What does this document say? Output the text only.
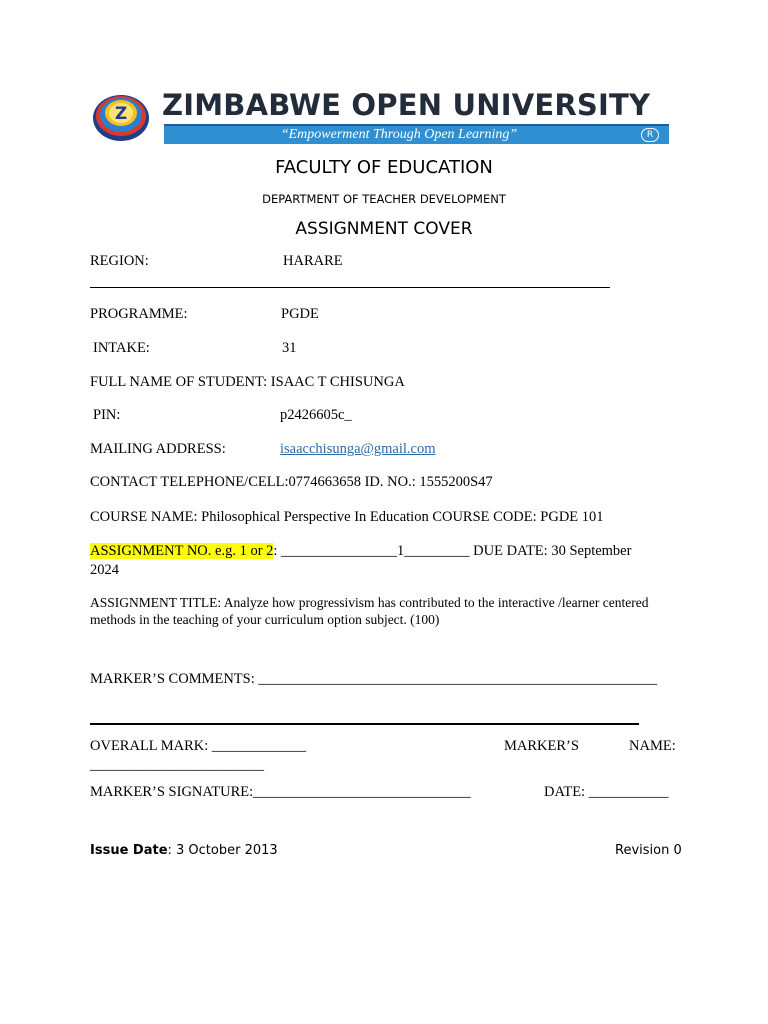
Z ZIMBABWE OPEN UNIVERSITY
“Empowerment Through Open Learning”	R
FACULTY OF EDUCATION
DEPARTMENT OF TEACHER DEVELOPMENT
ASSIGNMENT COVER
REGION:	HARARE
PROGRAMME:	PGDE
INTAKE:	31
FULL NAME OF STUDENT: ISAAC T CHISUNGA
PIN:	p2426605c_
MAILING ADDRESS:	isaacchisunga@gmail.com
CONTACT TELEPHONE/CELL:0774663658 ID. NO.: 1555200S47
COURSE NAME: Philosophical Perspective In Education COURSE CODE: PGDE 101
ASSIGNMENT NO. e.g. 1 or 2: ________________1_________ DUE DATE: 30 September
2024
ASSIGNMENT TITLE: Analyze how progressivism has contributed to the interactive /learner centered
methods in the teaching of your curriculum option subject. (100)
MARKER’S COMMENTS: _______________________________________________________
OVERALL MARK: _____________	MARKER’S	NAME:
________________________
MARKER’S SIGNATURE:______________________________	DATE: ___________
Issue Date: 3 October 2013	Revision 0
